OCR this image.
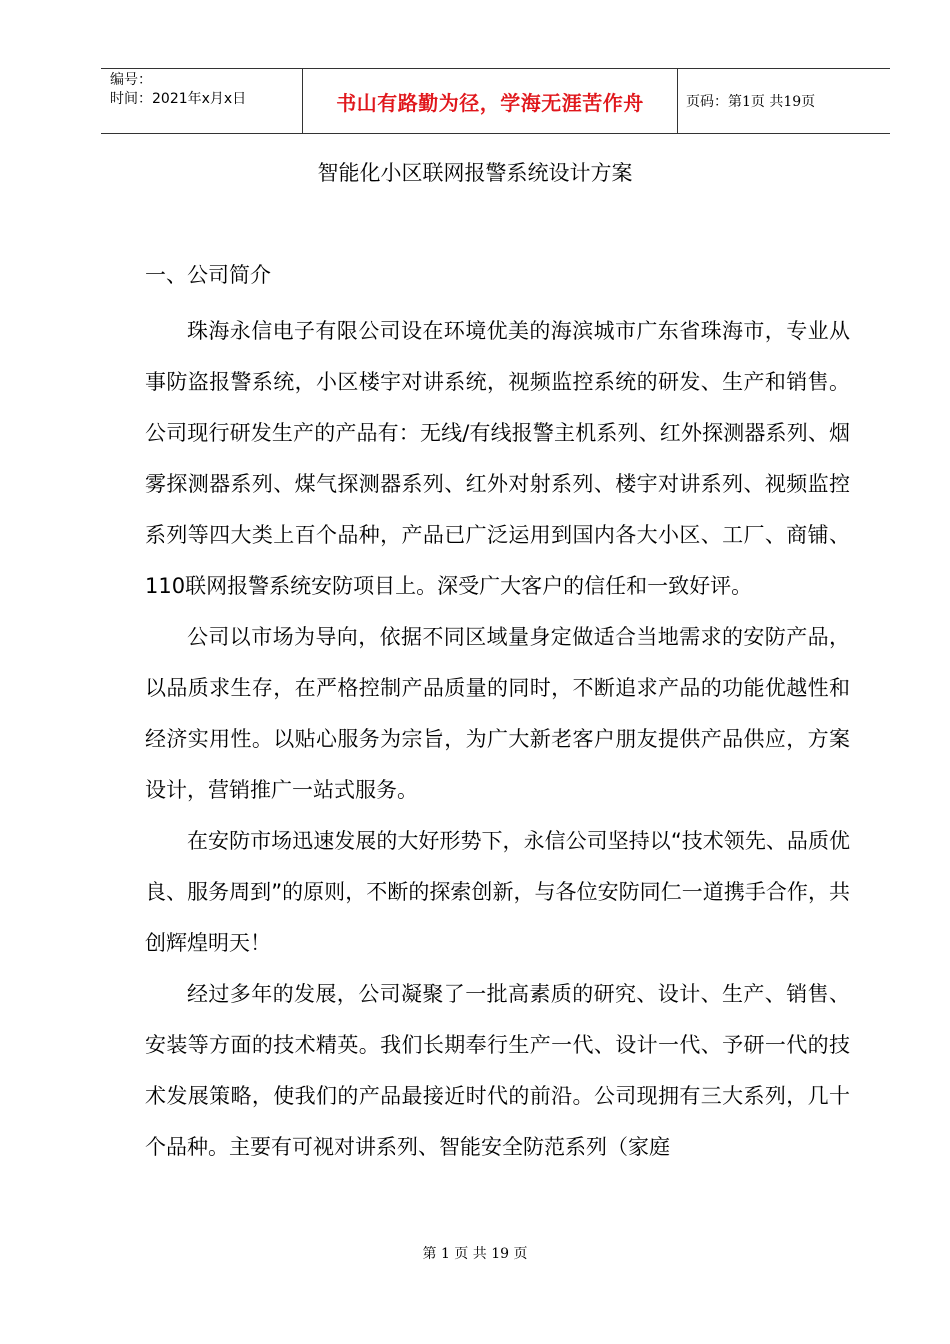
编号：
时间：2021年x月x日	书山有路勤为径，学海无涯苦作舟	页码：第1页 共19页
智能化小区联网报警系统设计方案
一、公司简介

珠海永信电子有限公司设在环境优美的海滨城市广东省珠海市，专业从事防盗报警系统，小区楼宇对讲系统，视频监控系统的研发、生产和销售。公司现行研发生产的产品有：无线/有线报警主机系列、红外探测器系列、烟雾探测器系列、煤气探测器系列、红外对射系列、楼宇对讲系列、视频监控系列等四大类上百个品种，产品已广泛运用到国内各大小区、工厂、商铺、110联网报警系统安防项目上。深受广大客户的信任和一致好评。

公司以市场为导向，依据不同区域量身定做适合当地需求的安防产品，以品质求生存，在严格控制产品质量的同时，不断追求产品的功能优越性和经济实用性。以贴心服务为宗旨，为广大新老客户朋友提供产品供应，方案设计，营销推广一站式服务。

在安防市场迅速发展的大好形势下，永信公司坚持以“技术领先、品质优良、服务周到”的原则，不断的探索创新，与各位安防同仁一道携手合作，共创辉煌明天！

经过多年的发展，公司凝聚了一批高素质的研究、设计、生产、销售、安装等方面的技术精英。我们长期奉行生产一代、设计一代、予研一代的技术发展策略，使我们的产品最接近时代的前沿。公司现拥有三大系列，几十个品种。主要有可视对讲系列、智能安全防范系列（家庭

第 1 页 共 19 页
